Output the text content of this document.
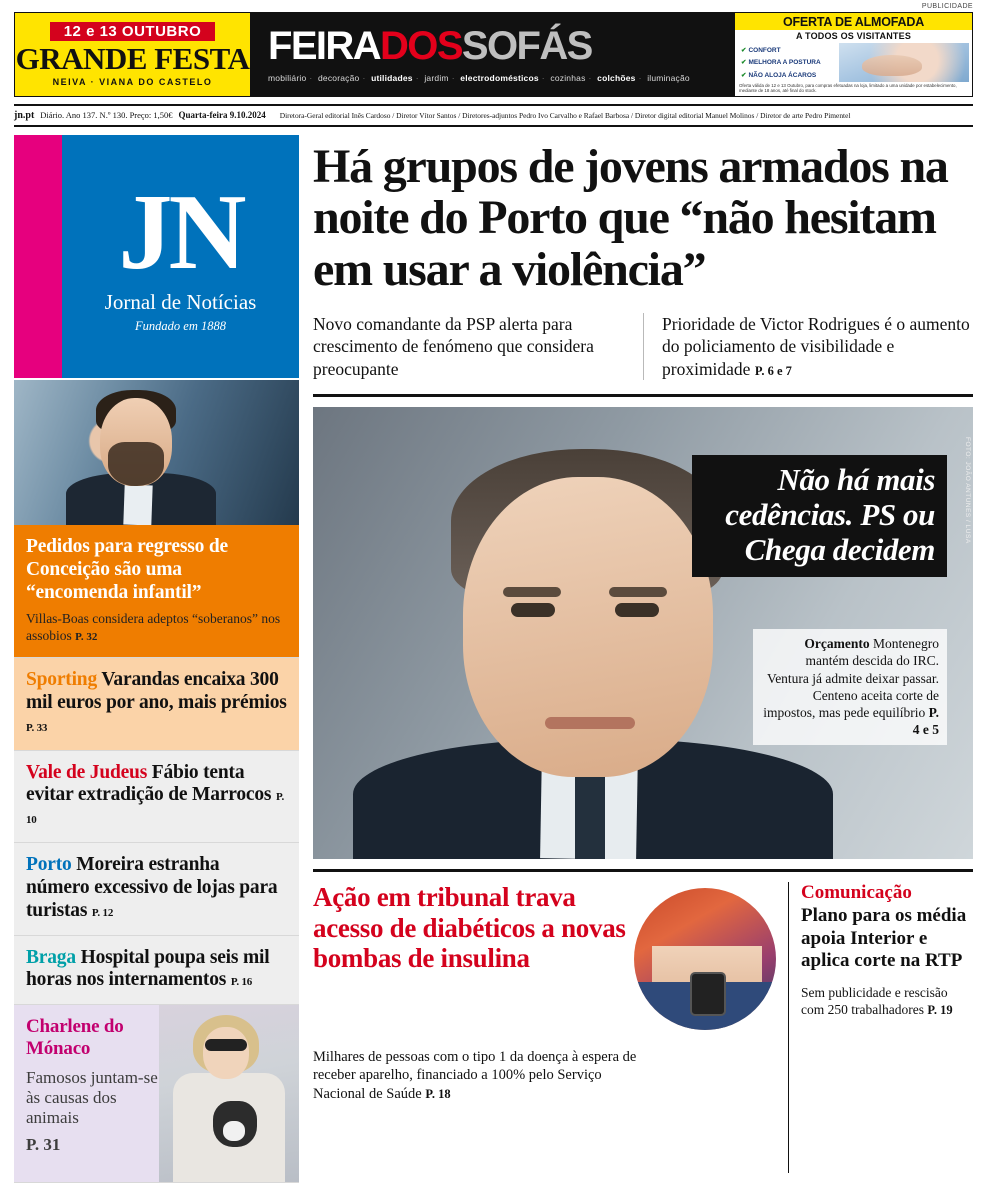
PUBLICIDADE
12 e 13 OUTUBRO
GRANDE FESTA
NEIVA · VIANA DO CASTELO
FEIRADOSSOFÁS
mobiliário · decoração · utilidades · jardim · electrodomésticos · cozinhas · colchões · iluminação
OFERTA DE ALMOFADA
A TODOS OS VISITANTES
✔ CONFORT
✔ MELHORA A POSTURA
✔ NÃO ALOJA ÁCAROS
Oferta válida de 12 e 13 Outubro, para compras efetuadas na loja, limitado a uma unidade por estabelecimento, mediante de 18 anos, até final do stock.
jn.pt Diário. Ano 137. N.º 130. Preço: 1,50€ Quarta-feira 9.10.2024 Diretora-Geral editorial Inês Cardoso / Diretor Vítor Santos / Diretores-adjuntos Pedro Ivo Carvalho e Rafael Barbosa / Diretor digital editorial Manuel Molinos / Diretor de arte Pedro Pimentel
JN
Jornal de Notícias
Fundado em 1888
Pedidos para regresso de Conceição são uma “encomenda infantil”
Villas-Boas considera adeptos “soberanos” nos assobios P. 32
Sporting Varandas encaixa 300 mil euros por ano, mais prémios P. 33
Vale de Judeus Fábio tenta evitar extradição de Marrocos P. 10
Porto Moreira estranha número excessivo de lojas para turistas P. 12
Braga Hospital poupa seis mil horas nos internamentos P. 16
Charlene do Mónaco
Famosos juntam-se às causas dos animais
P. 31
Há grupos de jovens armados na noite do Porto que “não hesitam em usar a violência”
Novo comandante da PSP alerta para crescimento de fenómeno que considera preocupante
Prioridade de Victor Rodrigues é o aumento do policiamento de visibilidade e proximidade P. 6 e 7
FOTO: JOÃO ANTUNES / LUSA
Não há mais cedências. PS ou Chega decidem
Orçamento Montenegro mantém descida do IRC. Ventura já admite deixar passar. Centeno aceita corte de impostos, mas pede equilíbrio P. 4 e 5
Ação em tribunal trava acesso de diabéticos a novas bombas de insulina
Milhares de pessoas com o tipo 1 da doença à espera de receber aparelho, financiado a 100% pelo Serviço Nacional de Saúde P. 18
Comunicação
Plano para os média apoia Interior e aplica corte na RTP
Sem publicidade e rescisão com 250 trabalhadores P. 19
